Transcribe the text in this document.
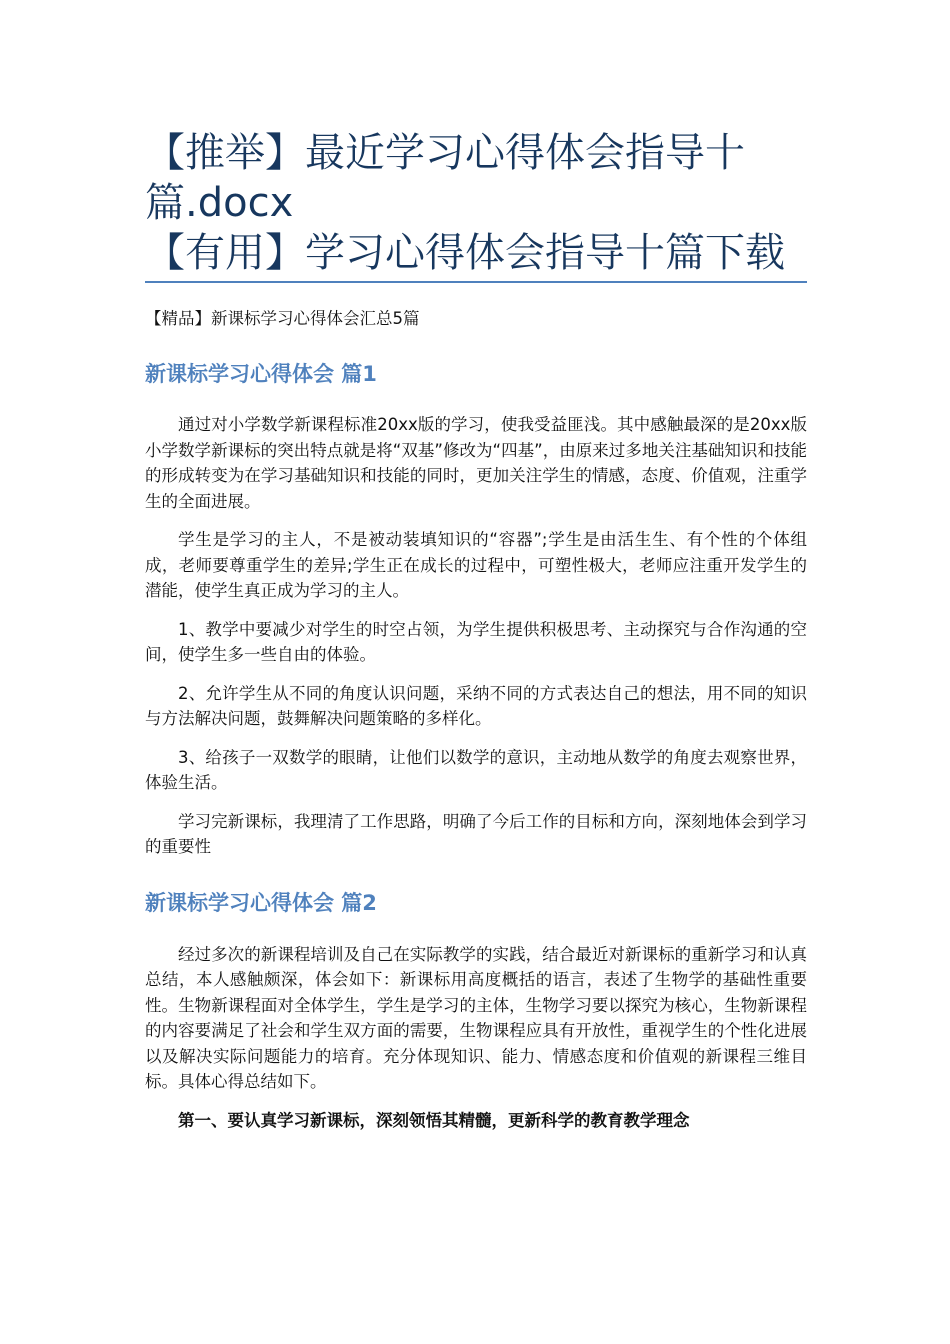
【推举】最近学习心得体会指导十篇.docx
【有用】学习心得体会指导十篇下载

【精品】新课标学习心得体会汇总5篇

新课标学习心得体会 篇1

通过对小学数学新课程标准20xx版的学习，使我受益匪浅。其中感触最深的是20xx版小学数学新课标的突出特点就是将“双基”修改为“四基”，由原来过多地关注基础知识和技能的形成转变为在学习基础知识和技能的同时，更加关注学生的情感，态度、价值观，注重学生的全面进展。

学生是学习的主人，不是被动装填知识的“容器”;学生是由活生生、有个性的个体组成，老师要尊重学生的差异;学生正在成长的过程中，可塑性极大，老师应注重开发学生的潜能，使学生真正成为学习的主人。

1、教学中要减少对学生的时空占领，为学生提供积极思考、主动探究与合作沟通的空间，使学生多一些自由的体验。

2、允许学生从不同的角度认识问题，采纳不同的方式表达自己的想法，用不同的知识与方法解决问题，鼓舞解决问题策略的多样化。

3、给孩子一双数学的眼睛，让他们以数学的意识，主动地从数学的角度去观察世界，体验生活。

学习完新课标，我理清了工作思路，明确了今后工作的目标和方向，深刻地体会到学习的重要性

新课标学习心得体会 篇2

经过多次的新课程培训及自己在实际教学的实践，结合最近对新课标的重新学习和认真总结，本人感触颇深，体会如下：新课标用高度概括的语言，表述了生物学的基础性重要性。生物新课程面对全体学生，学生是学习的主体，生物学习要以探究为核心，生物新课程的内容要满足了社会和学生双方面的需要，生物课程应具有开放性，重视学生的个性化进展以及解决实际问题能力的培育。充分体现知识、能力、情感态度和价值观的新课程三维目标。具体心得总结如下。

第一、要认真学习新课标，深刻领悟其精髓，更新科学的教育教学理念
